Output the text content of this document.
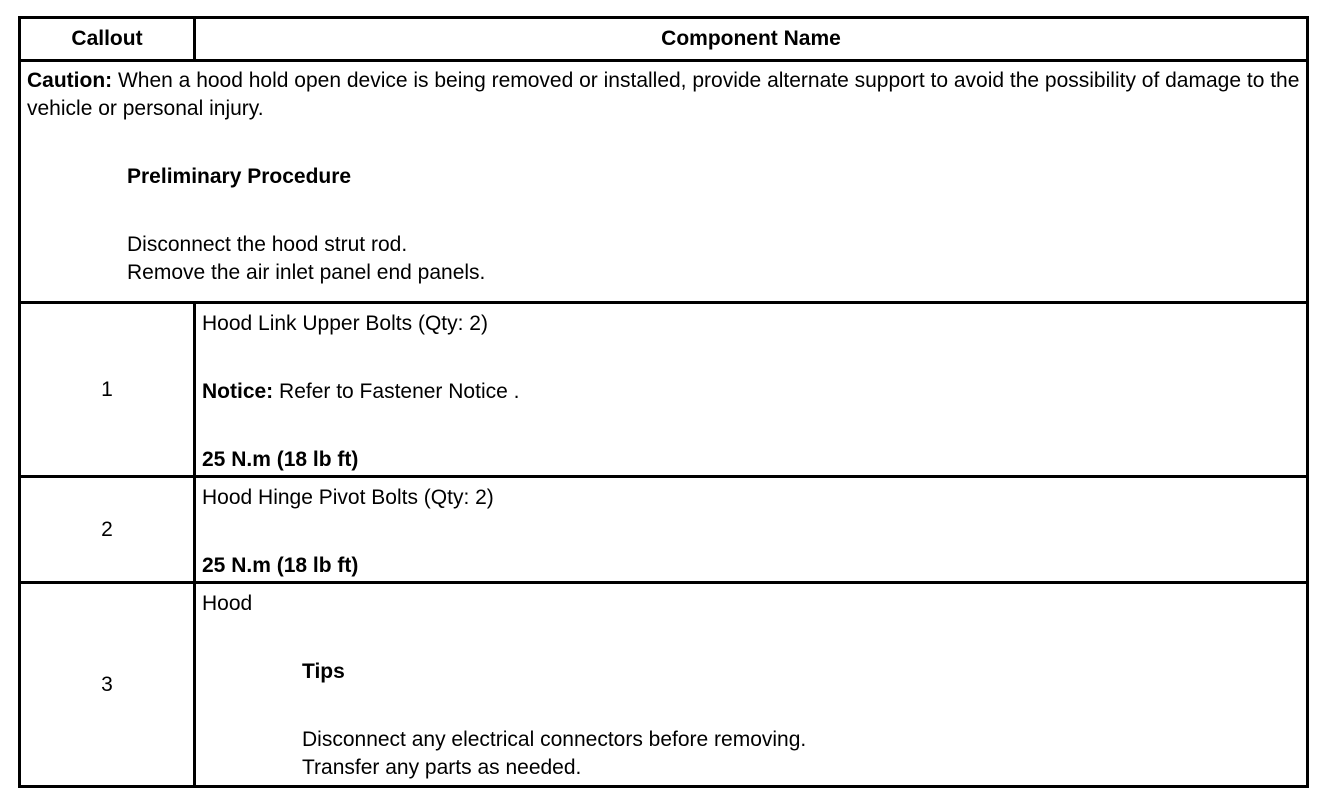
Callout	Component Name

Caution: When a hood hold open device is being removed or installed, provide alternate support to avoid the possibility of damage to the vehicle or personal injury.
Preliminary Procedure
Disconnect the hood strut rod.
Remove the air inlet panel end panels.	

1	Hood Link Upper Bolts (Qty: 2)
Notice: Refer to Fastener Notice .
25 N.m (18 lb ft)

2	Hood Hinge Pivot Bolts (Qty: 2)
25 N.m (18 lb ft)

3	Hood
Tips
Disconnect any electrical connectors before removing.
Transfer any parts as needed.
